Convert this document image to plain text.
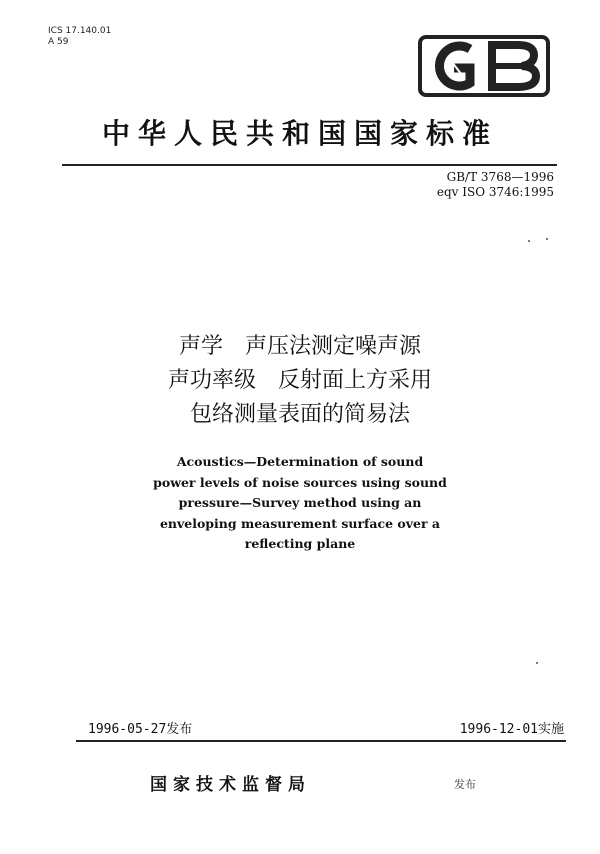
ICS 17.140.01
A 59
中华人民共和国国家标准
GB/T 3768—1996
eqv ISO 3746:1995
声学　声压法测定噪声源
声功率级　反射面上方采用
包络测量表面的简易法
Acoustics—Determination of sound
power levels of noise sources using sound
pressure—Survey method using an
enveloping measurement surface over a
reflecting plane
1996-05-27发布	1996-12-01实施
国家技术监督局	发布
